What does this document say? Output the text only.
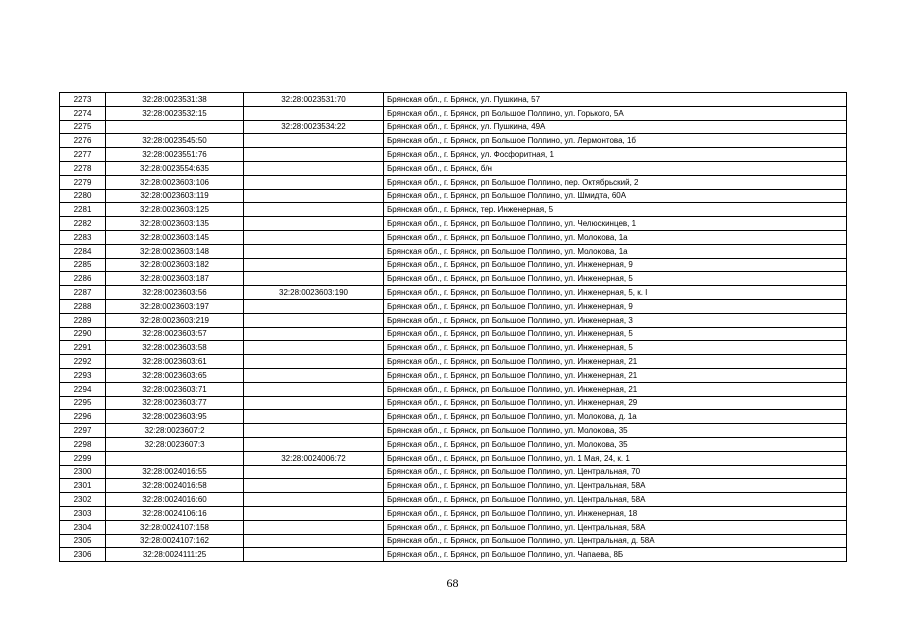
2273	32:28:0023531:38	32:28:0023531:70	Брянская обл., г. Брянск, ул. Пушкина, 57
2274	32:28:0023532:15		Брянская обл., г. Брянск, рп Большое Полпино, ул. Горького, 5А
2275		32:28:0023534:22	Брянская обл., г. Брянск, ул. Пушкина, 49А
2276	32:28:0023545:50		Брянская обл., г. Брянск, рп Большое Полпино, ул. Лермонтова, 1б
2277	32:28:0023551:76		Брянская обл., г. Брянск, ул. Фосфоритная, 1
2278	32:28:0023554:635		Брянская обл., г. Брянск, б/н
2279	32:28:0023603:106		Брянская обл., г. Брянск, рп Большое Полпино, пер. Октябрьский, 2
2280	32:28:0023603:119		Брянская обл., г. Брянск, рп Большое Полпино, ул. Шмидта, 60А
2281	32:28:0023603:125		Брянская обл., г. Брянск, тер. Инженерная, 5
2282	32:28:0023603:135		Брянская обл., г. Брянск, рп Большое Полпино, ул. Челюскинцев, 1
2283	32:28:0023603:145		Брянская обл., г. Брянск, рп Большое Полпино, ул. Молокова, 1а
2284	32:28:0023603:148		Брянская обл., г. Брянск, рп Большое Полпино, ул. Молокова, 1а
2285	32:28:0023603:182		Брянская обл., г. Брянск, рп Большое Полпино, ул. Инженерная, 9
2286	32:28:0023603:187		Брянская обл., г. Брянск, рп Большое Полпино, ул. Инженерная, 5
2287	32:28:0023603:56	32:28:0023603:190	Брянская обл., г. Брянск, рп Большое Полпино, ул. Инженерная, 5, к. I
2288	32:28:0023603:197		Брянская обл., г. Брянск, рп Большое Полпино, ул. Инженерная, 9
2289	32:28:0023603:219		Брянская обл., г. Брянск, рп Большое Полпино, ул. Инженерная, 3
2290	32:28:0023603:57		Брянская обл., г. Брянск, рп Большое Полпино, ул. Инженерная, 5
2291	32:28:0023603:58		Брянская обл., г. Брянск, рп Большое Полпино, ул. Инженерная, 5
2292	32:28:0023603:61		Брянская обл., г. Брянск, рп Большое Полпино, ул. Инженерная, 21
2293	32:28:0023603:65		Брянская обл., г. Брянск, рп Большое Полпино, ул. Инженерная, 21
2294	32:28:0023603:71		Брянская обл., г. Брянск, рп Большое Полпино, ул. Инженерная, 21
2295	32:28:0023603:77		Брянская обл., г. Брянск, рп Большое Полпино, ул. Инженерная, 29
2296	32:28:0023603:95		Брянская обл., г. Брянск, рп Большое Полпино, ул. Молокова, д. 1а
2297	32:28:0023607:2		Брянская обл., г. Брянск, рп Большое Полпино, ул. Молокова, 35
2298	32:28:0023607:3		Брянская обл., г. Брянск, рп Большое Полпино, ул. Молокова, 35
2299		32:28:0024006:72	Брянская обл., г. Брянск, рп Большое Полпино, ул. 1 Мая, 24, к. 1
2300	32:28:0024016:55		Брянская обл., г. Брянск, рп Большое Полпино, ул. Центральная, 70
2301	32:28:0024016:58		Брянская обл., г. Брянск, рп Большое Полпино, ул. Центральная, 58А
2302	32:28:0024016:60		Брянская обл., г. Брянск, рп Большое Полпино, ул. Центральная, 58А
2303	32:28:0024106:16		Брянская обл., г. Брянск, рп Большое Полпино, ул. Инженерная, 18
2304	32:28:0024107:158		Брянская обл., г. Брянск, рп Большое Полпино, ул. Центральная, 58А
2305	32:28:0024107:162		Брянская обл., г. Брянск, рп Большое Полпино, ул. Центральная, д. 58А
2306	32:28:0024111:25		Брянская обл., г. Брянск, рп Большое Полпино, ул. Чапаева, 8Б
68
